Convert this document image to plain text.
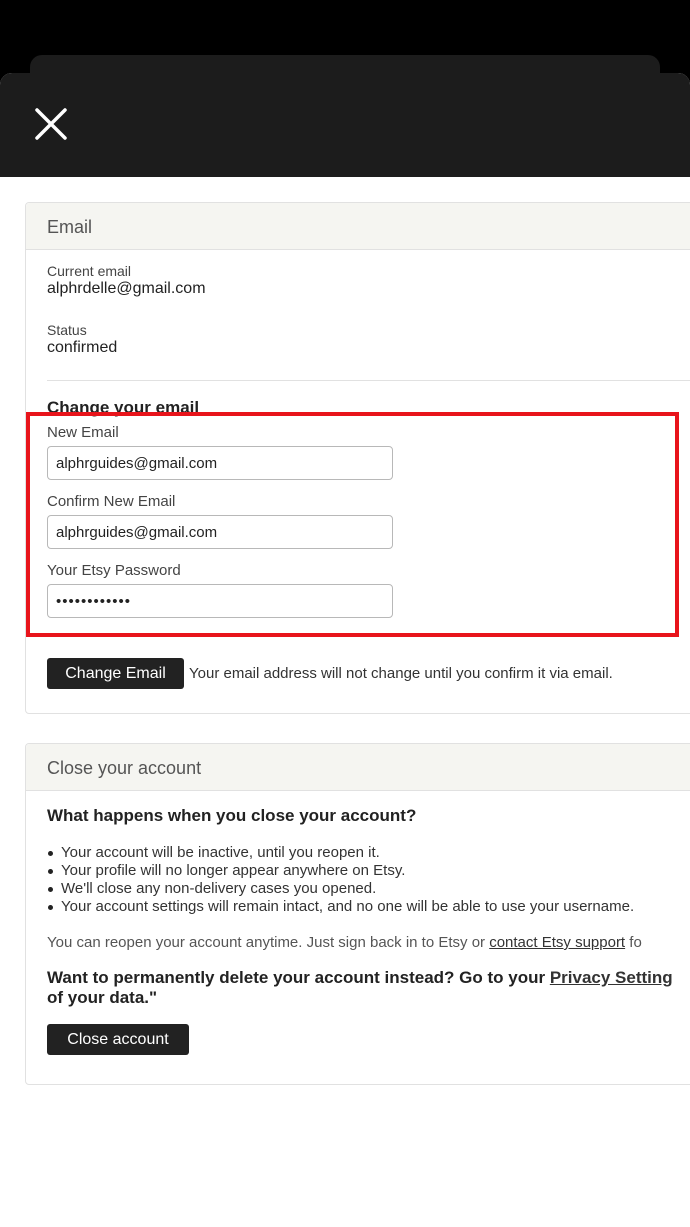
Email
Current email
alphrdelle@gmail.com
Status
confirmed
Change your email
New Email
alphrguides@gmail.com
Confirm New Email
alphrguides@gmail.com
Your Etsy Password
••••••••••••
Change Email	Your email address will not change until you confirm it via email.
Close your account
What happens when you close your account?
Your account will be inactive, until you reopen it.
Your profile will no longer appear anywhere on Etsy.
We'll close any non-delivery cases you opened.
Your account settings will remain intact, and no one will be able to use your username.
You can reopen your account anytime. Just sign back in to Etsy or contact Etsy support fo
Want to permanently delete your account instead? Go to your Privacy Setting
of your data."
Close account
